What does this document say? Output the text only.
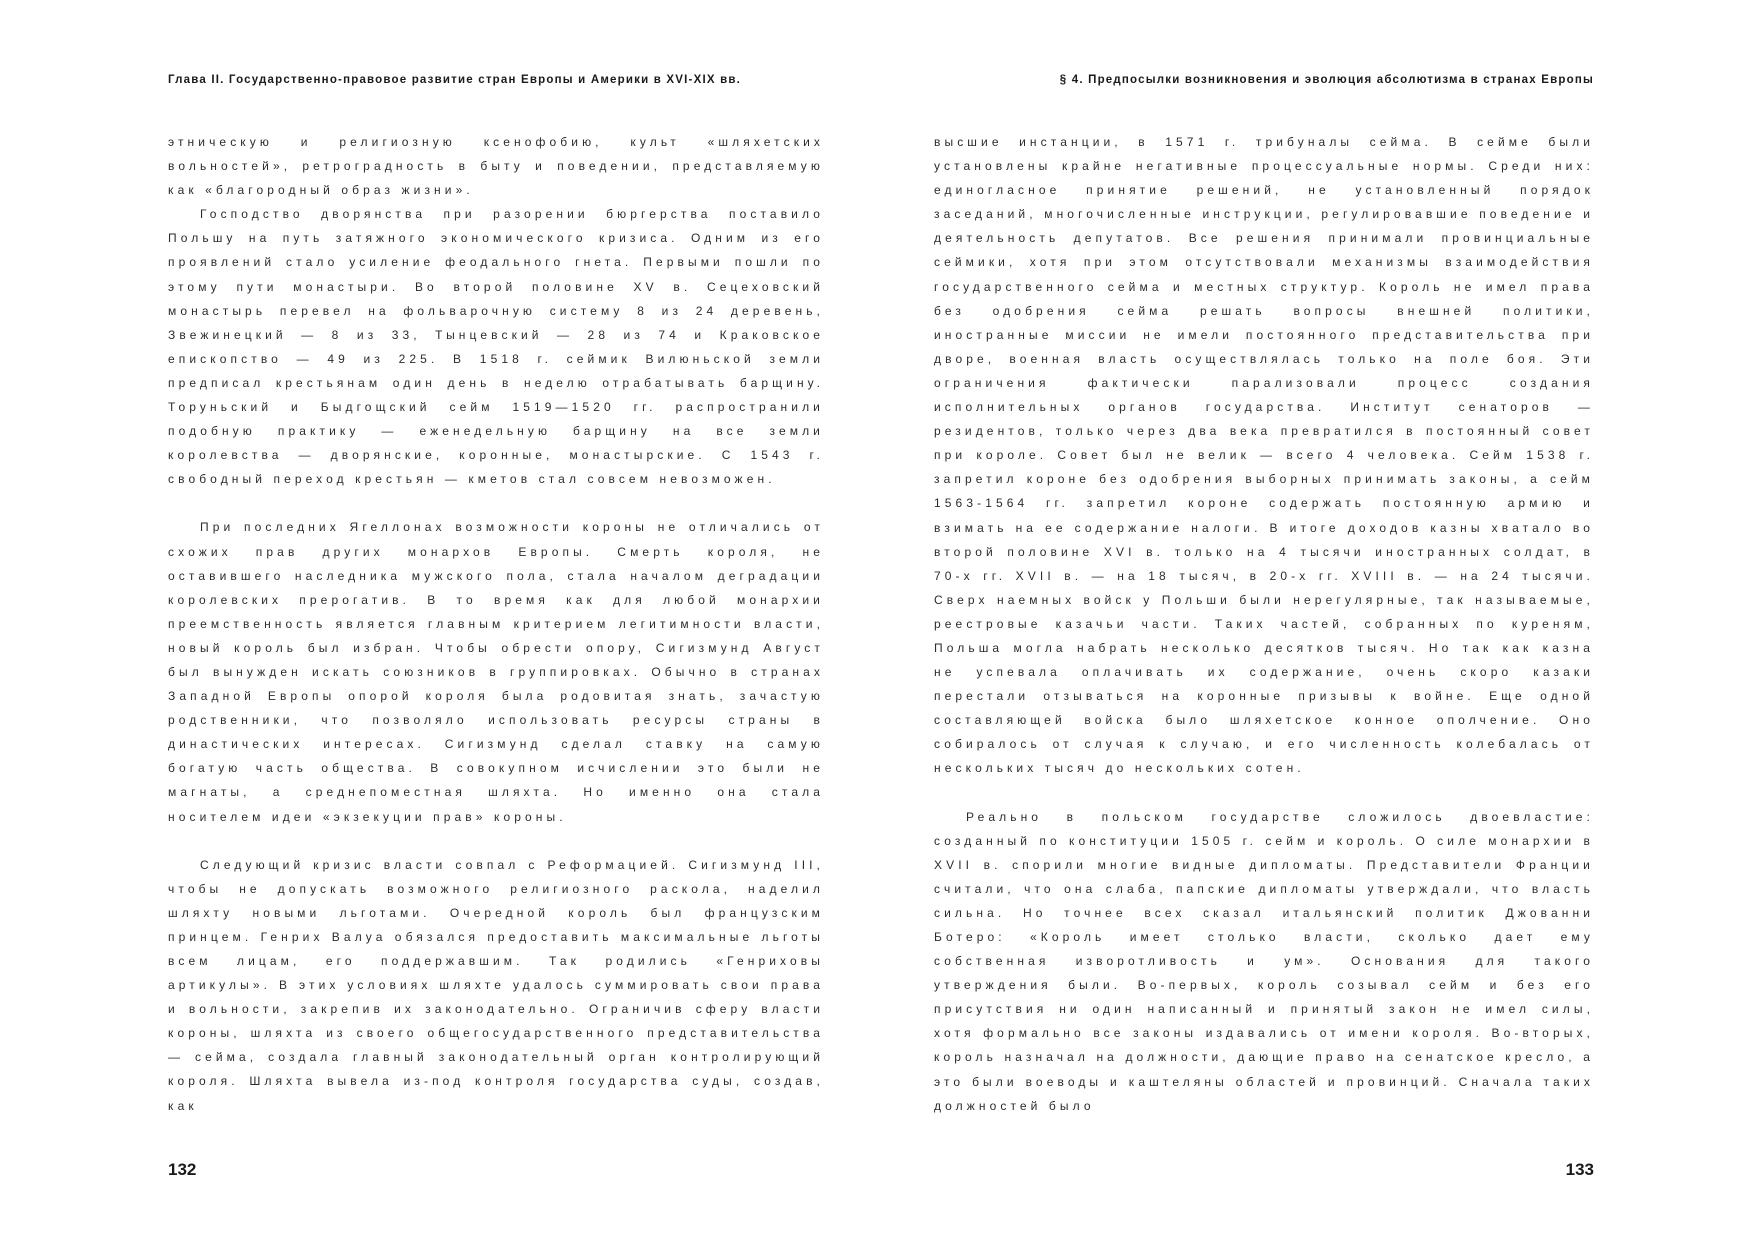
Глава II. Государственно-правовое развитие стран Европы и Америки в XVI-XIX вв.

этническую и религиозную ксенофобию, культ «шляхетских вольностей», ретроградность в быту и поведении, представляемую как «благородный образ жизни».

Господство дворянства при разорении бюргерства поставило Польшу на путь затяжного экономического кризиса. Одним из его проявлений стало усиление феодального гнета. Первыми пошли по этому пути монастыри. Во второй половине XV в. Сецеховский монастырь перевел на фольварочную систему 8 из 24 деревень, Звежинецкий — 8 из 33, Тынцевский — 28 из 74 и Краковское епископство — 49 из 225. В 1518 г. сеймик Вилюньской земли предписал крестьянам один день в неделю отрабатывать барщину. Торуньский и Быдгощский сейм 1519—1520 гг. распространили подобную практику — еженедельную барщину на все земли королевства — дворянские, коронные, монастырские. С 1543 г. свободный переход крестьян — кметов стал совсем невозможен.

При последних Ягеллонах возможности короны не отличались от схожих прав других монархов Европы. Смерть короля, не оставившего наследника мужского пола, стала началом деградации королевских прерогатив. В то время как для любой монархии преемственность является главным критерием легитимности власти, новый король был избран. Чтобы обрести опору, Сигизмунд Август был вынужден искать союзников в группировках. Обычно в странах Западной Европы опорой короля была родовитая знать, зачастую родственники, что позволяло использовать ресурсы страны в династических интересах. Сигизмунд сделал ставку на самую богатую часть общества. В совокупном исчислении это были не магнаты, а среднепоместная шляхта. Но именно она стала носителем идеи «экзекуции прав» короны.

Следующий кризис власти совпал с Реформацией. Сигизмунд III, чтобы не допускать возможного религиозного раскола, наделил шляхту новыми льготами. Очередной король был французским принцем. Генрих Валуа обязался предоставить максимальные льготы всем лицам, его поддержавшим. Так родились «Генриховы артикулы». В этих условиях шляхте удалось суммировать свои права и вольности, закрепив их законодательно. Ограничив сферу власти короны, шляхта из своего общегосударственного представительства — сейма, создала главный законодательный орган контролирующий короля. Шляхта вывела из-под контроля государства суды, создав, как

132
§ 4. Предпосылки возникновения и эволюция абсолютизма в странах Европы

высшие инстанции, в 1571 г. трибуналы сейма. В сейме были установлены крайне негативные процессуальные нормы. Среди них: единогласное принятие решений, не установленный порядок заседаний, многочисленные инструкции, регулировавшие поведение и деятельность депутатов. Все решения принимали провинциальные сеймики, хотя при этом отсутствовали механизмы взаимодействия государственного сейма и местных структур. Король не имел права без одобрения сейма решать вопросы внешней политики, иностранные миссии не имели постоянного представительства при дворе, военная власть осуществлялась только на поле боя. Эти ограничения фактически парализовали процесс создания исполнительных органов государства. Институт сенаторов — резидентов, только через два века превратился в постоянный совет при короле. Совет был не велик — всего 4 человека. Сейм 1538 г. запретил короне без одобрения выборных принимать законы, а сейм 1563-1564 гг. запретил короне содержать постоянную армию и взимать на ее содержание налоги. В итоге доходов казны хватало во второй половине XVI в. только на 4 тысячи иностранных солдат, в 70-х гг. XVII в. — на 18 тысяч, в 20-х гг. XVIII в. — на 24 тысячи. Сверх наемных войск у Польши были нерегулярные, так называемые, реестровые казачьи части. Таких частей, собранных по куреням, Польша могла набрать несколько десятков тысяч. Но так как казна не успевала оплачивать их содержание, очень скоро казаки перестали отзываться на коронные призывы к войне. Еще одной составляющей войска было шляхетское конное ополчение. Оно собиралось от случая к случаю, и его численность колебалась от нескольких тысяч до нескольких сотен.

Реально в польском государстве сложилось двоевластие: созданный по конституции 1505 г. сейм и король. О силе монархии в XVII в. спорили многие видные дипломаты. Представители Франции считали, что она слаба, папские дипломаты утверждали, что власть сильна. Но точнее всех сказал итальянский политик Джованни Ботеро: «Король имеет столько власти, сколько дает ему собственная изворотливость и ум». Основания для такого утверждения были. Во-первых, король созывал сейм и без его присутствия ни один написанный и принятый закон не имел силы, хотя формально все законы издавались от имени короля. Во-вторых, король назначал на должности, дающие право на сенатское кресло, а это были воеводы и каштеляны областей и провинций. Сначала таких должностей было

133
